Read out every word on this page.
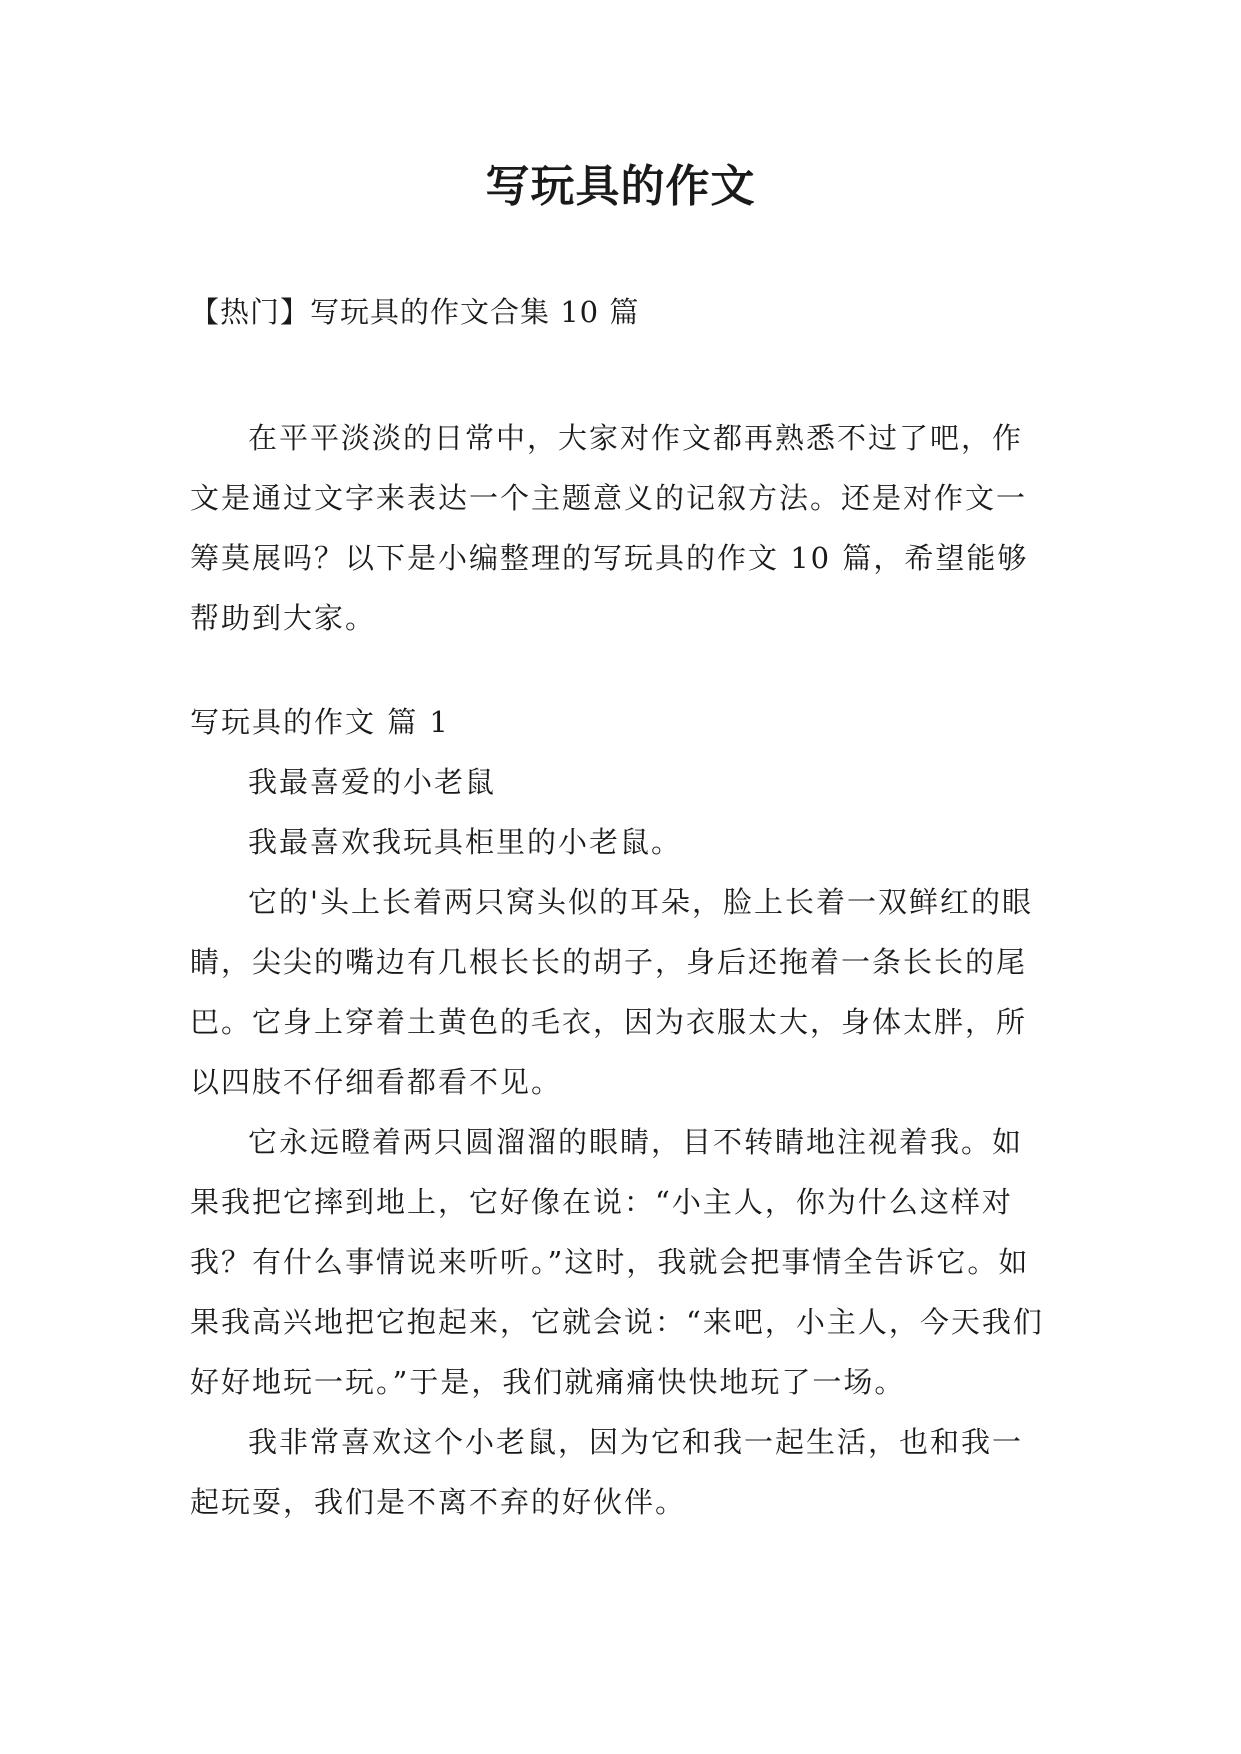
写玩具的作文
【热门】写玩具的作文合集 10 篇

在平平淡淡的日常中，大家对作文都再熟悉不过了吧，作文是通过文字来表达一个主题意义的记叙方法。还是对作文一筹莫展吗？以下是小编整理的写玩具的作文 10 篇，希望能够帮助到大家。

写玩具的作文 篇 1

我最喜爱的小老鼠

我最喜欢我玩具柜里的小老鼠。

它的'头上长着两只窝头似的耳朵，脸上长着一双鲜红的眼睛，尖尖的嘴边有几根长长的胡子，身后还拖着一条长长的尾巴。它身上穿着土黄色的毛衣，因为衣服太大，身体太胖，所以四肢不仔细看都看不见。

它永远瞪着两只圆溜溜的眼睛，目不转睛地注视着我。如果我把它摔到地上，它好像在说：“小主人，你为什么这样对我？有什么事情说来听听。”这时，我就会把事情全告诉它。如果我高兴地把它抱起来，它就会说：“来吧，小主人，今天我们好好地玩一玩。”于是，我们就痛痛快快地玩了一场。

我非常喜欢这个小老鼠，因为它和我一起生活，也和我一起玩耍，我们是不离不弃的好伙伴。
